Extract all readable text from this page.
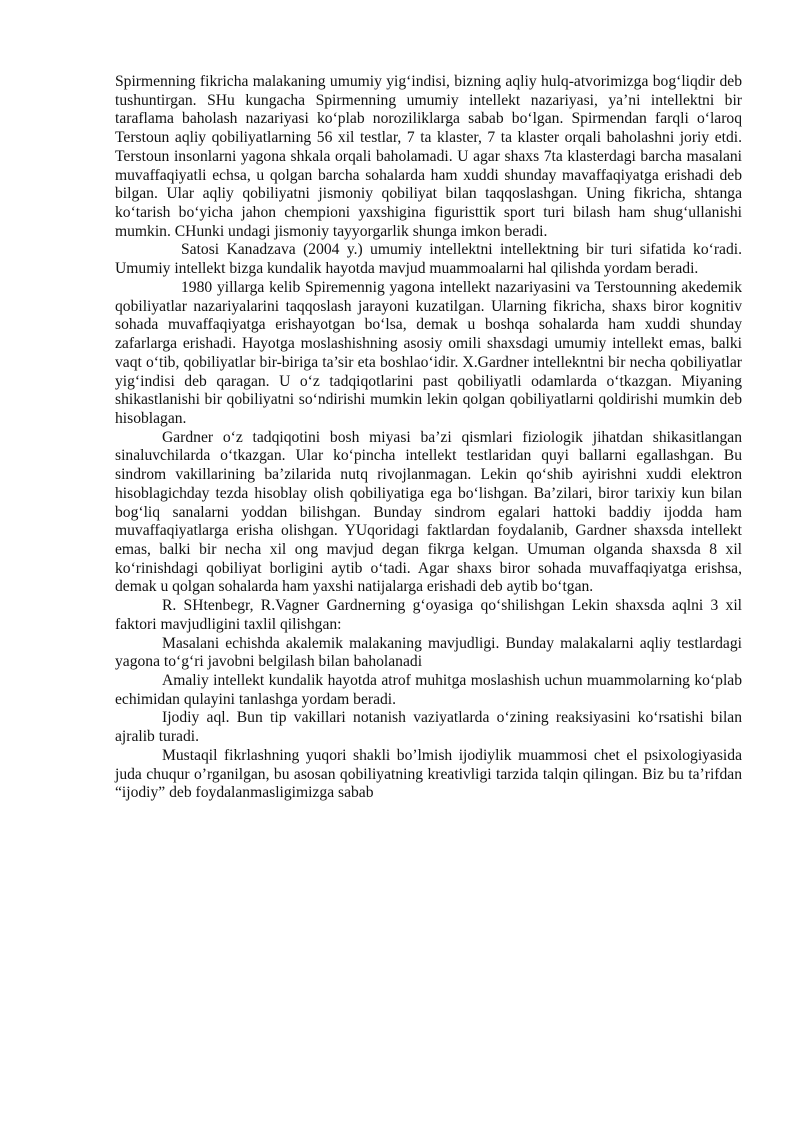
Spirmenning fikricha malakaning umumiy yig‘indisi, bizning aqliy hulq-atvorimizga bog‘liqdir deb tushuntirgan. SHu kungacha Spirmenning umumiy intellekt nazariyasi, ya’ni intellektni bir taraflama baholash nazariyasi ko‘plab noroziliklarga sabab bo‘lgan. Spirmendan farqli o‘laroq Terstoun aqliy qobiliyatlarning 56 xil testlar, 7 ta klaster, 7 ta klaster orqali baholashni joriy etdi. Terstoun insonlarni yagona shkala orqali baholamadi. U agar shaxs 7ta klasterdagi barcha masalani muvaffaqiyatli echsa, u qolgan barcha sohalarda ham xuddi shunday mavaffaqiyatga erishadi deb bilgan. Ular aqliy qobiliyatni jismoniy qobiliyat bilan taqqoslashgan. Uning fikricha, shtanga ko‘tarish bo‘yicha jahon chempioni yaxshigina figuristtik sport turi bilash ham shug‘ullanishi mumkin. CHunki undagi jismoniy tayyorgarlik shunga imkon beradi.

Satosi Kanadzava (2004 y.) umumiy intellektni intellektning bir turi sifatida ko‘radi. Umumiy intellekt bizga kundalik hayotda mavjud muammoalarni hal qilishda yordam beradi.

1980 yillarga kelib Spiremennig yagona intellekt nazariyasini va Terstounning akedemik qobiliyatlar nazariyalarini taqqoslash jarayoni kuzatilgan. Ularning fikricha, shaxs biror kognitiv sohada muvaffaqiyatga erishayotgan bo‘lsa, demak u boshqa sohalarda ham xuddi shunday zafarlarga erishadi. Hayotga moslashishning asosiy omili shaxsdagi umumiy intellekt emas, balki vaqt o‘tib, qobiliyatlar bir-biriga ta’sir eta boshlao‘idir. X.Gardner intellekntni bir necha qobiliyatlar yig‘indisi deb qaragan. U o‘z tadqiqotlarini past qobiliyatli odamlarda o‘tkazgan. Miyaning shikastlanishi bir qobiliyatni so‘ndirishi mumkin lekin qolgan qobiliyatlarni qoldirishi mumkin deb hisoblagan.

Gardner o‘z tadqiqotini bosh miyasi ba’zi qismlari fiziologik jihatdan shikasitlangan sinaluvchilarda o‘tkazgan. Ular ko‘pincha intellekt testlaridan quyi ballarni egallashgan. Bu sindrom vakillarining ba’zilarida nutq rivojlanmagan. Lekin qo‘shib ayirishni xuddi elektron hisoblagichday tezda hisoblay olish qobiliyatiga ega bo‘lishgan. Ba’zilari, biror tarixiy kun bilan bog‘liq sanalarni yoddan bilishgan. Bunday sindrom egalari hattoki baddiy ijodda ham muvaffaqiyatlarga erisha olishgan. YUqoridagi faktlardan foydalanib, Gardner shaxsda intellekt emas, balki bir necha xil ong mavjud degan fikrga kelgan. Umuman olganda shaxsda 8 xil ko‘rinishdagi qobiliyat borligini aytib o‘tadi. Agar shaxs biror sohada muvaffaqiyatga erishsa, demak u qolgan sohalarda ham yaxshi natijalarga erishadi deb aytib bo‘tgan.

R. SHtenbegr, R.Vagner Gardnerning g‘oyasiga qo‘shilishgan Lekin shaxsda aqlni 3 xil faktori mavjudligini taxlil qilishgan:

Masalani echishda akalemik malakaning mavjudligi. Bunday malakalarni aqliy testlardagi yagona to‘g‘ri javobni belgilash bilan baholanadi

Amaliy intellekt kundalik hayotda atrof muhitga moslashish uchun muammolarning ko‘plab echimidan qulayini tanlashga yordam beradi.

Ijodiy aql. Bun tip vakillari notanish vaziyatlarda o‘zining reaksiyasini ko‘rsatishi bilan ajralib turadi.

Mustaqil fikrlashning yuqori shakli bo’lmish ijodiylik muammosi chet el psixologiyasida juda chuqur o’rganilgan, bu asosan qobiliyatning kreativligi tarzida talqin qilingan. Biz bu ta’rifdan “ijodiy” deb foydalanmasligimizga sabab
